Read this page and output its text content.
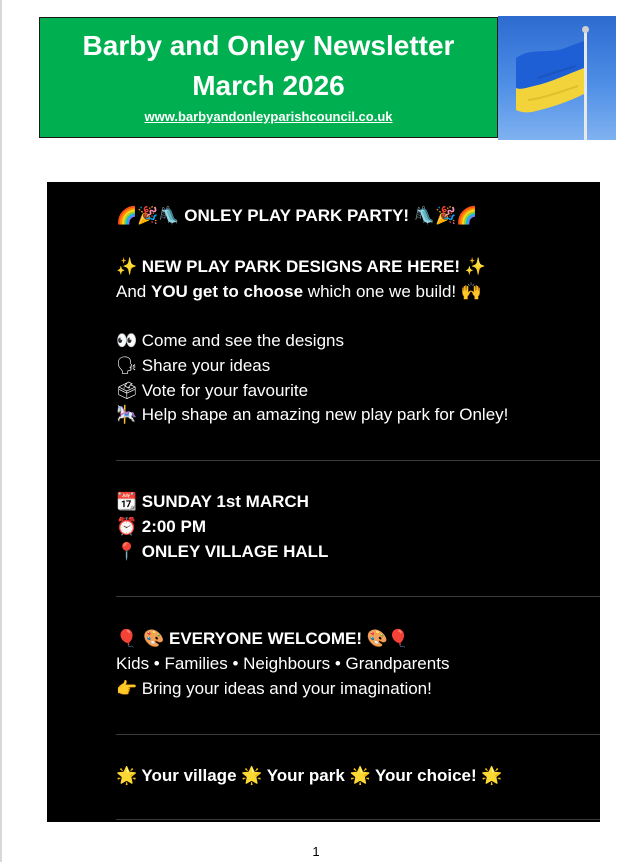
Barby and Onley Newsletter
March 2026
www.barbyandonleyparishcouncil.co.uk
🌈🎉🛝 ONLEY PLAY PARK PARTY! 🛝🎉🌈
✨ NEW PLAY PARK DESIGNS ARE HERE! ✨
And YOU get to choose which one we build! 🙌
👀 Come and see the designs
🗣 Share your ideas
🗳 Vote for your favourite
🎠 Help shape an amazing new play park for Onley!
📆 SUNDAY 1st MARCH
⏰ 2:00 PM
📍 ONLEY VILLAGE HALL
🎈 🎨 EVERYONE WELCOME! 🎨🎈
Kids • Families • Neighbours • Grandparents
👉 Bring your ideas and your imagination!
🌟 Your village 🌟 Your park 🌟 Your choice! 🌟
1
